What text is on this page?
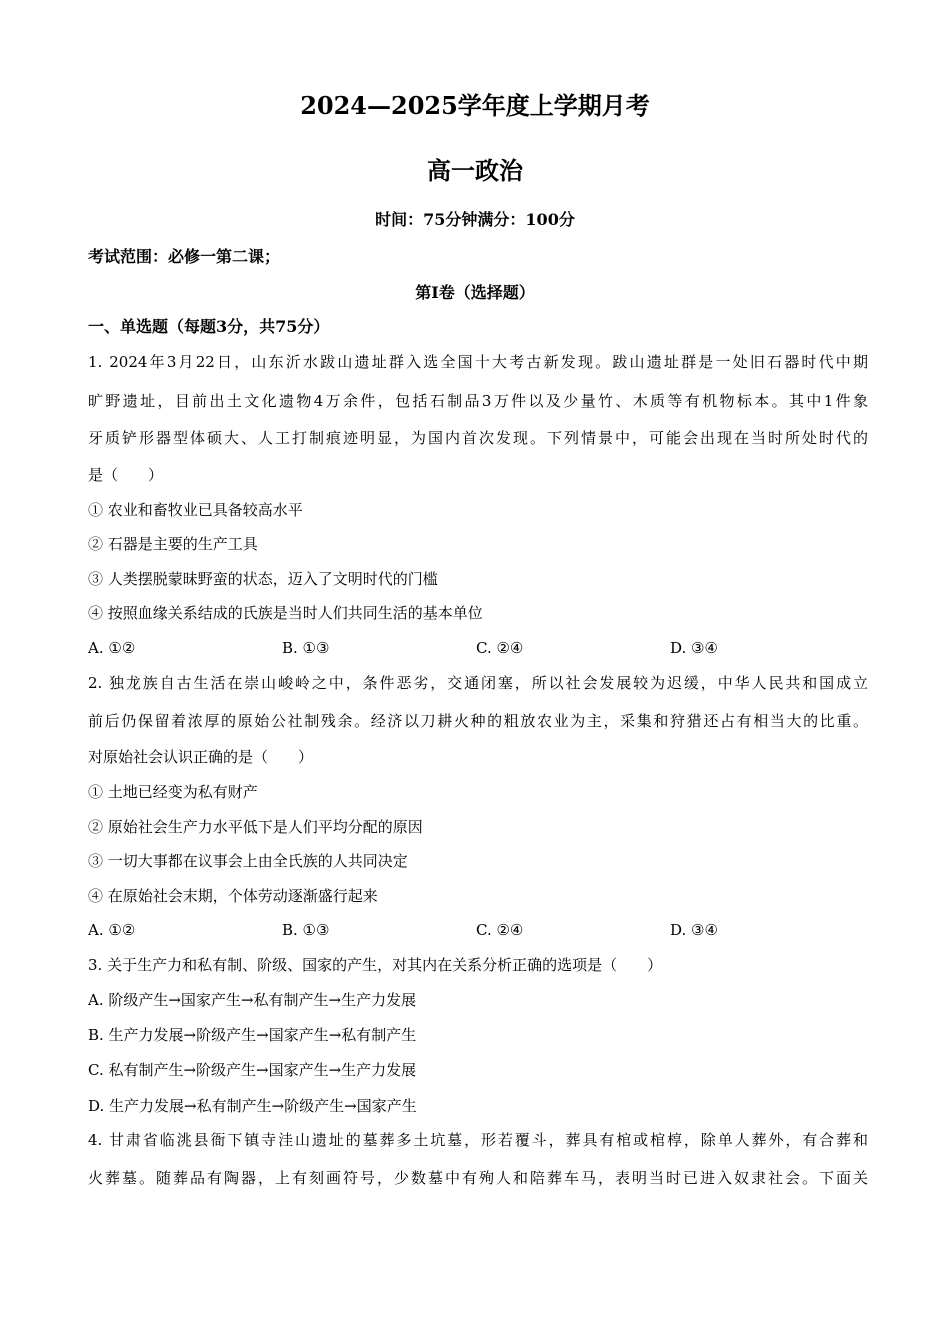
2024—2025学年度上学期月考
高一政治
时间：75分钟满分：100分
考试范围：必修一第二课；
第I卷（选择题）
一、单选题（每题3分，共75分）
1. 2024年3月22日，山东沂水跋山遗址群入选全国十大考古新发现。跋山遗址群是一处旧石器时代中期
旷野遗址，目前出土文化遗物4万余件，包括石制品3万件以及少量竹、木质等有机物标本。其中1件象
牙质铲形器型体硕大、人工打制痕迹明显，为国内首次发现。下列情景中，可能会出现在当时所处时代的
是（　　）
① 农业和畜牧业已具备较高水平
② 石器是主要的生产工具
③ 人类摆脱蒙昧野蛮的状态，迈入了文明时代的门槛
④ 按照血缘关系结成的氏族是当时人们共同生活的基本单位
A. ①②	B. ①③	C. ②④	D. ③④
2. 独龙族自古生活在崇山峻岭之中，条件恶劣，交通闭塞，所以社会发展较为迟缓，中华人民共和国成立
前后仍保留着浓厚的原始公社制残余。经济以刀耕火种的粗放农业为主，采集和狩猎还占有相当大的比重。
对原始社会认识正确的是（　　）
① 土地已经变为私有财产
② 原始社会生产力水平低下是人们平均分配的原因
③ 一切大事都在议事会上由全氏族的人共同决定
④ 在原始社会末期，个体劳动逐渐盛行起来
A. ①②	B. ①③	C. ②④	D. ③④
3. 关于生产力和私有制、阶级、国家的产生，对其内在关系分析正确的选项是（　　）
A. 阶级产生→国家产生→私有制产生→生产力发展
B. 生产力发展→阶级产生→国家产生→私有制产生
C. 私有制产生→阶级产生→国家产生→生产力发展
D. 生产力发展→私有制产生→阶级产生→国家产生
4. 甘肃省临洮县衙下镇寺洼山遗址的墓葬多土坑墓，形若覆斗，葬具有棺或棺椁，除单人葬外，有合葬和
火葬墓。随葬品有陶器，上有刻画符号，少数墓中有殉人和陪葬车马，表明当时已进入奴隶社会。下面关
